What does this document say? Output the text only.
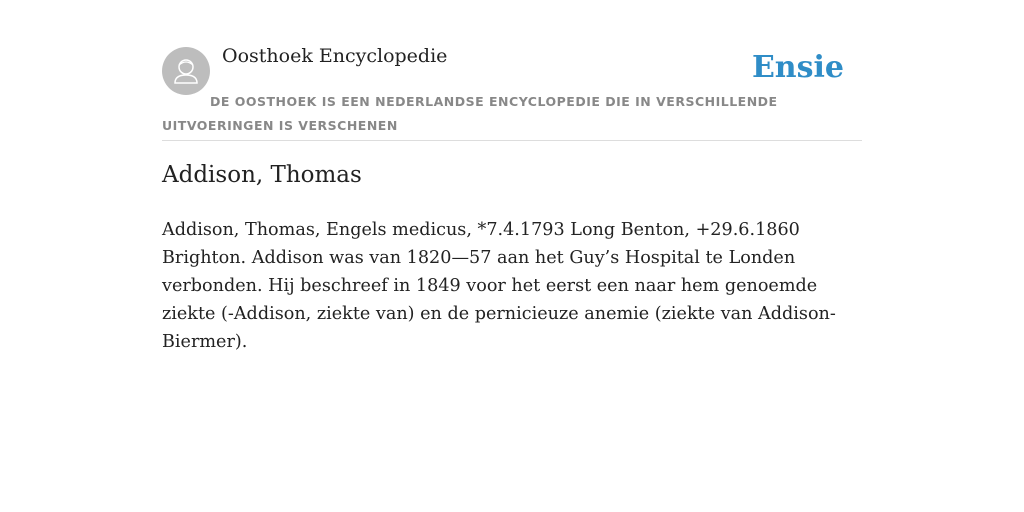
Oosthoek Encyclopedie	Ensie
DE OOSTHOEK IS EEN NEDERLANDSE ENCYCLOPEDIE DIE IN VERSCHILLENDE UITVOERINGEN IS VERSCHENEN
Addison, Thomas

Addison, Thomas, Engels medicus, *7.4.1793 Long Benton, +29.6.1860 Brighton. Addison was van 1820—57 aan het Guy’s Hospital te Londen verbonden. Hij beschreef in 1849 voor het eerst een naar hem genoemde ziekte (-Addison, ziekte van) en de pernicieuze anemie (ziekte van Addison-Biermer).
